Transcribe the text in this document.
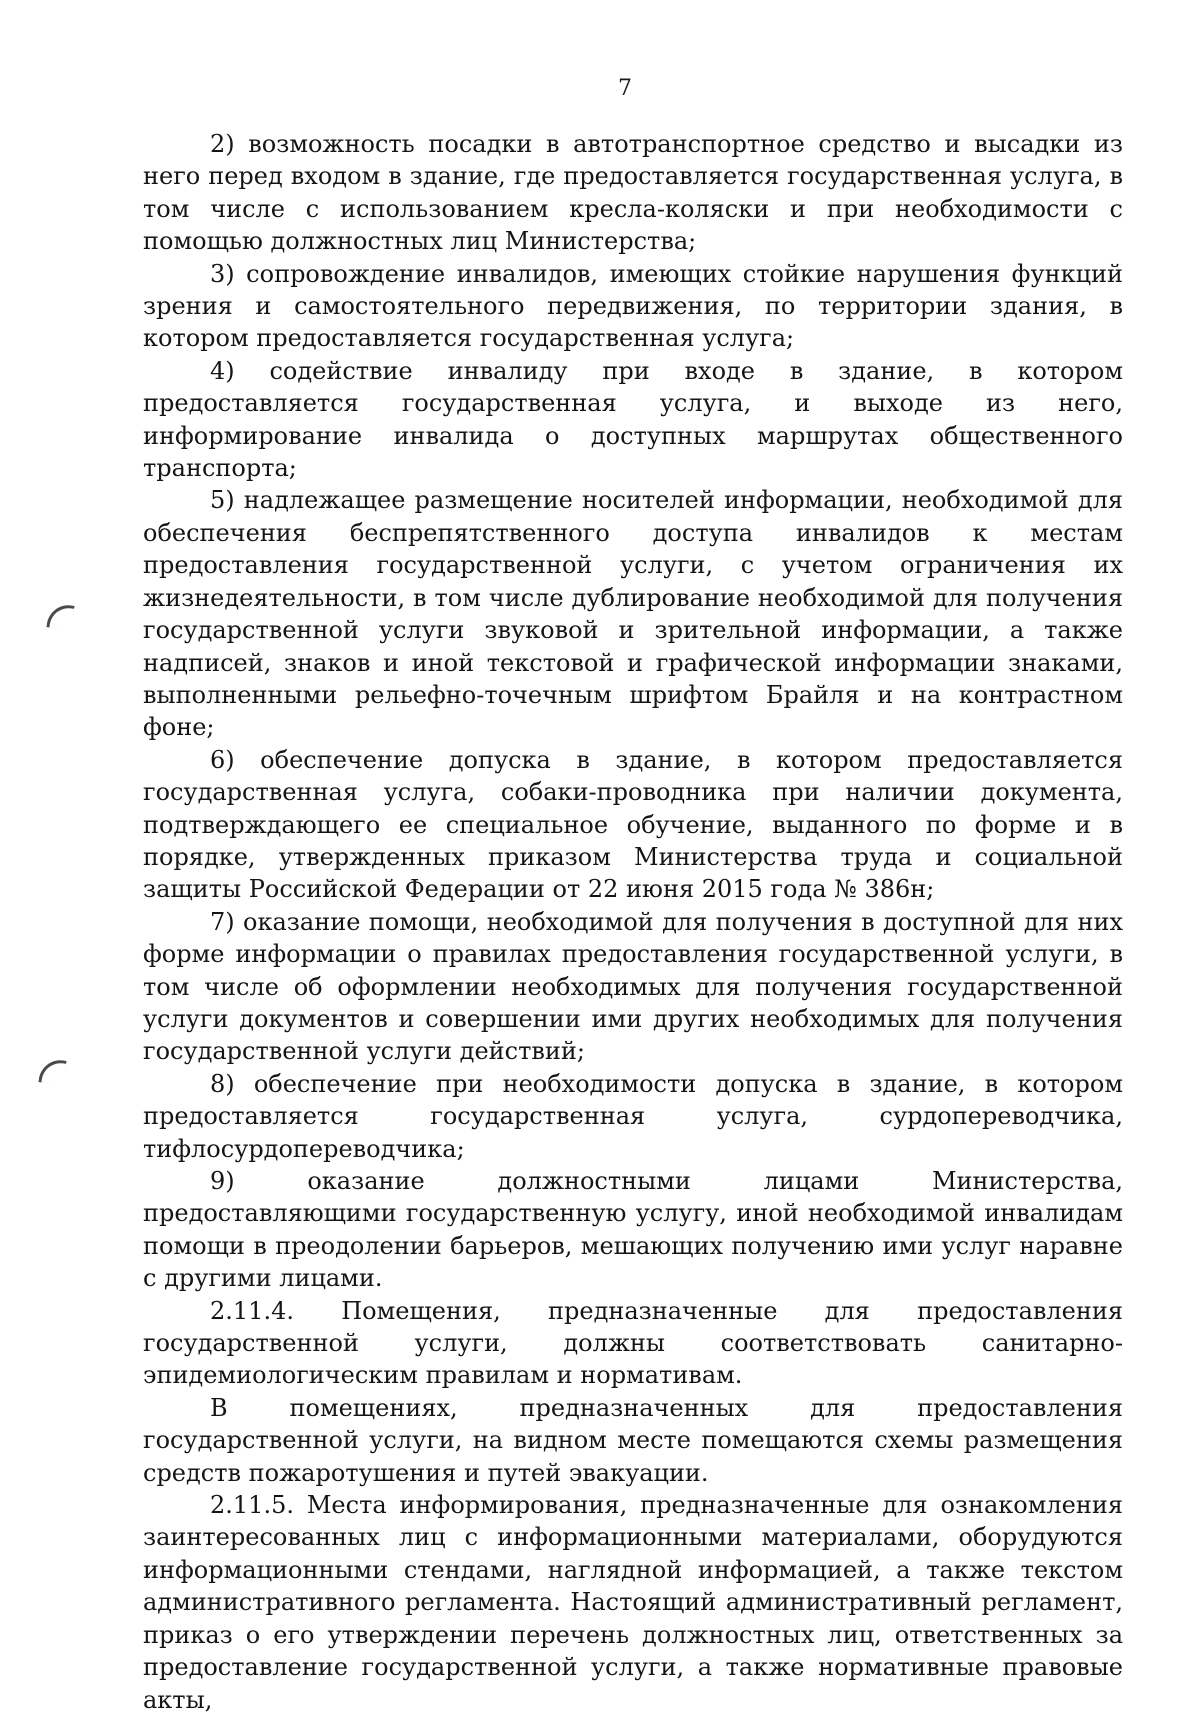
7

2) возможность посадки в автотранспортное средство и высадки из него перед входом в здание, где предоставляется государственная услуга, в том числе с использованием кресла-коляски и при необходимости с помощью должностных лиц Министерства;

3) сопровождение инвалидов, имеющих стойкие нарушения функций зрения и самостоятельного передвижения, по территории здания, в котором предоставляется государственная услуга;

4) содействие инвалиду при входе в здание, в котором предоставляется государственная услуга, и выходе из него, информирование инвалида о доступных маршрутах общественного транспорта;

5) надлежащее размещение носителей информации, необходимой для обеспечения беспрепятственного доступа инвалидов к местам предоставления государственной услуги, с учетом ограничения их жизнедеятельности, в том числе дублирование необходимой для получения государственной услуги звуковой и зрительной информации, а также надписей, знаков и иной текстовой и графической информации знаками, выполненными рельефно-точечным шрифтом Брайля и на контрастном фоне;

6) обеспечение допуска в здание, в котором предоставляется государственная услуга, собаки-проводника при наличии документа, подтверждающего ее специальное обучение, выданного по форме и в порядке, утвержденных приказом Министерства труда и социальной защиты Российской Федерации от 22 июня 2015 года № 386н;

7) оказание помощи, необходимой для получения в доступной для них форме информации о правилах предоставления государственной услуги, в том числе об оформлении необходимых для получения государственной услуги документов и совершении ими других необходимых для получения государственной услуги действий;

8) обеспечение при необходимости допуска в здание, в котором предоставляется государственная услуга, сурдопереводчика, тифлосурдопереводчика;

9) оказание должностными лицами Министерства, предоставляющими государственную услугу, иной необходимой инвалидам помощи в преодолении барьеров, мешающих получению ими услуг наравне с другими лицами.

2.11.4. Помещения, предназначенные для предоставления государственной услуги, должны соответствовать санитарно-эпидемиологическим правилам и нормативам.

В помещениях, предназначенных для предоставления государственной услуги, на видном месте помещаются схемы размещения средств пожаротушения и путей эвакуации.

2.11.5. Места информирования, предназначенные для ознакомления заинтересованных лиц с информационными материалами, оборудуются информационными стендами, наглядной информацией, а также текстом административного регламента. Настоящий административный регламент, приказ о его утверждении перечень должностных лиц, ответственных за предоставление государственной услуги, а также нормативные правовые акты,
